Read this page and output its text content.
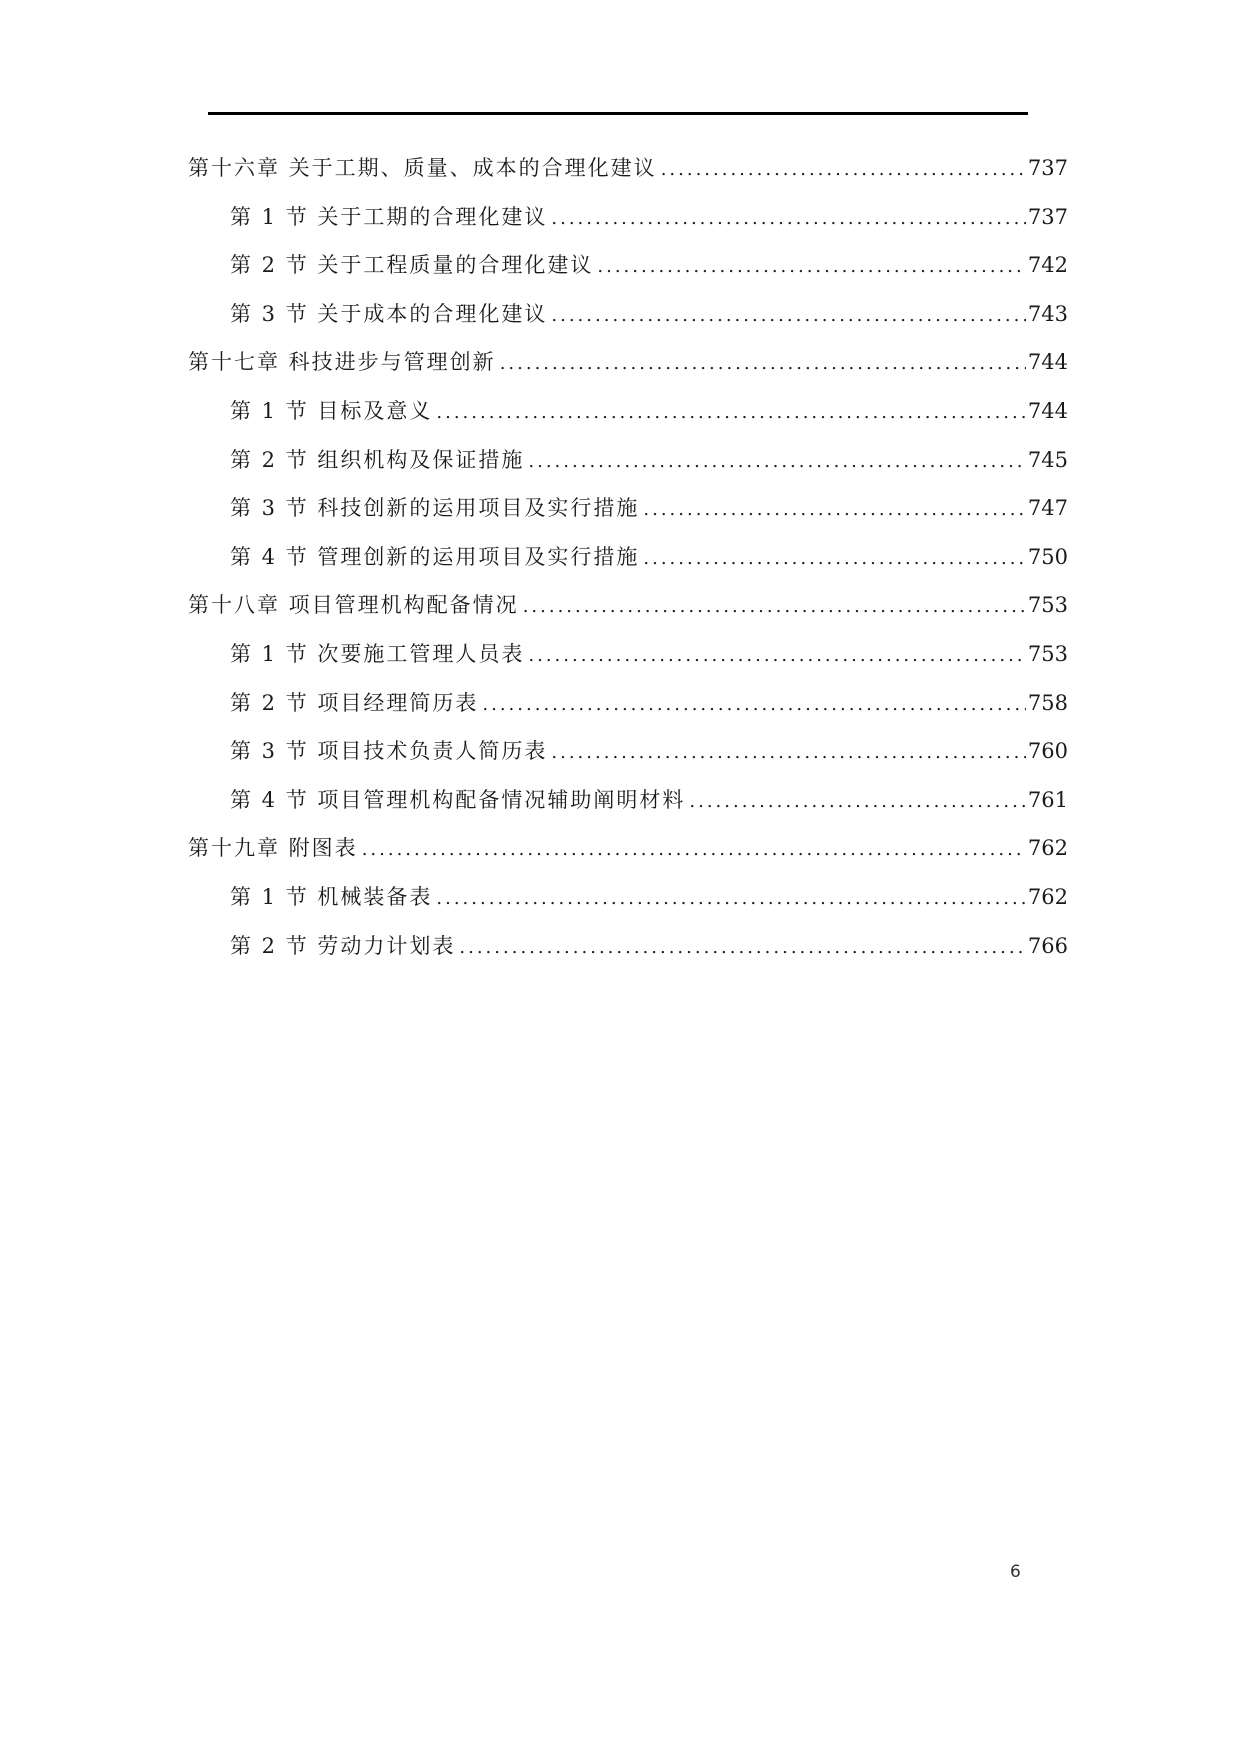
第十六章 关于工期、质量、成本的合理化建议 .....	737
第 1 节 关于工期的合理化建议 .....	737
第 2 节 关于工程质量的合理化建议 .....	742
第 3 节 关于成本的合理化建议 .....	743
第十七章 科技进步与管理创新 .....	744
第 1 节 目标及意义 .....	744
第 2 节 组织机构及保证措施 .....	745
第 3 节 科技创新的运用项目及实行措施 .....	747
第 4 节 管理创新的运用项目及实行措施 .....	750
第十八章 项目管理机构配备情况 .....	753
第 1 节 次要施工管理人员表 .....	753
第 2 节 项目经理简历表 .....	758
第 3 节 项目技术负责人简历表 .....	760
第 4 节 项目管理机构配备情况辅助阐明材料 .....	761
第十九章 附图表 .....	762
第 1 节 机械装备表 .....	762
第 2 节 劳动力计划表 .....	766
6
